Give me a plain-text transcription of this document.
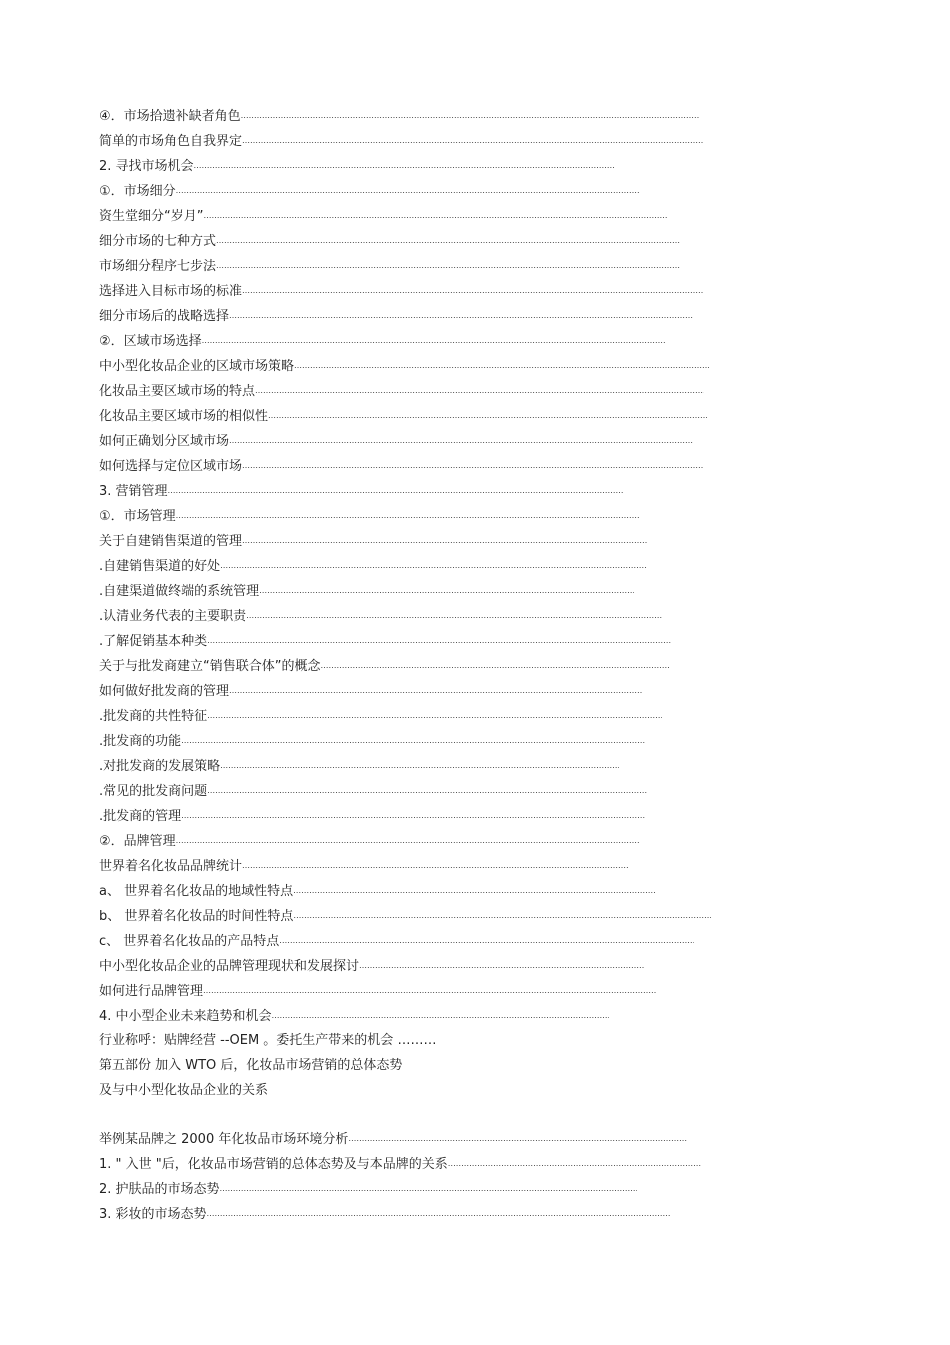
④．市场拾遗补缺者角色 …………………………………………………………………………………………………………………………………………………………
简单的市场角色自我界定 …………………………………………………………………………………………………………………………………………………………
2. 寻找市场机会 …………………………………………………………………………………………………………………………………………………………
①．市场细分 …………………………………………………………………………………………………………………………………………………………
资生堂细分“岁月” …………………………………………………………………………………………………………………………………………………………
细分市场的七种方式 …………………………………………………………………………………………………………………………………………………………
市场细分程序七步法 …………………………………………………………………………………………………………………………………………………………
选择进入目标市场的标准 …………………………………………………………………………………………………………………………………………………………
细分市场后的战略选择 …………………………………………………………………………………………………………………………………………………………
②．区域市场选择 …………………………………………………………………………………………………………………………………………………………
中小型化妆品企业的区域市场策略 …………………………………………………………………………………………………………………………………………………………
化妆品主要区域市场的特点 …………………………………………………………………………………………………………………………………………………………
化妆品主要区域市场的相似性 …………………………………………………………………………………………………………………………………………………………
如何正确划分区域市场 …………………………………………………………………………………………………………………………………………………………
如何选择与定位区域市场 …………………………………………………………………………………………………………………………………………………………
3. 营销管理 …………………………………………………………………………………………………………………………………………………………
①．市场管理 …………………………………………………………………………………………………………………………………………………………
关于自建销售渠道的管理 …………………………………………………………………………………………………………………………………………………………
.自建销售渠道的好处 …………………………………………………………………………………………………………………………………………………………
.自建渠道做终端的系统管理 …………………………………………………………………………………………………………………………………………………………
.认清业务代表的主要职责 …………………………………………………………………………………………………………………………………………………………
.了解促销基本种类 …………………………………………………………………………………………………………………………………………………………
关于与批发商建立“销售联合体”的概念 …………………………………………………………………………………………………………………………………………………………
如何做好批发商的管理 …………………………………………………………………………………………………………………………………………………………
.批发商的共性特征 …………………………………………………………………………………………………………………………………………………………
.批发商的功能 …………………………………………………………………………………………………………………………………………………………
.对批发商的发展策略 …………………………………………………………………………………………………………………………………………………………
.常见的批发商问题 …………………………………………………………………………………………………………………………………………………………
.批发商的管理 …………………………………………………………………………………………………………………………………………………………
②．品牌管理 …………………………………………………………………………………………………………………………………………………………
世界着名化妆品品牌统计 …………………………………………………………………………………………………………………………………………………………
a、 世界着名化妆品的地域性特点 …………………………………………………………………………………………………………………………………………………………
b、 世界着名化妆品的时间性特点 …………………………………………………………………………………………………………………………………………………………
c、 世界着名化妆品的产品特点 …………………………………………………………………………………………………………………………………………………………
中小型化妆品企业的品牌管理现状和发展探讨 …………………………………………………………………………………………………………………………………………………………
如何进行品牌管理 …………………………………………………………………………………………………………………………………………………………
4. 中小型企业未来趋势和机会 …………………………………………………………………………………………………………………………………………………………
行业称呼：贴牌经营 --OEM 。委托生产带来的机会 ………
第五部份 加入 WTO 后，化妆品市场营销的总体态势
及与中小型化妆品企业的关系
举例某品牌之 2000 年化妆品市场环境分析 …………………………………………………………………………………………………………………………………………………………
1. " 入世 "后，化妆品市场营销的总体态势及与本品牌的关系 …………………………………………………………………………………………………………………………………………………………
2. 护肤品的市场态势 …………………………………………………………………………………………………………………………………………………………
3. 彩妆的市场态势 …………………………………………………………………………………………………………………………………………………………
